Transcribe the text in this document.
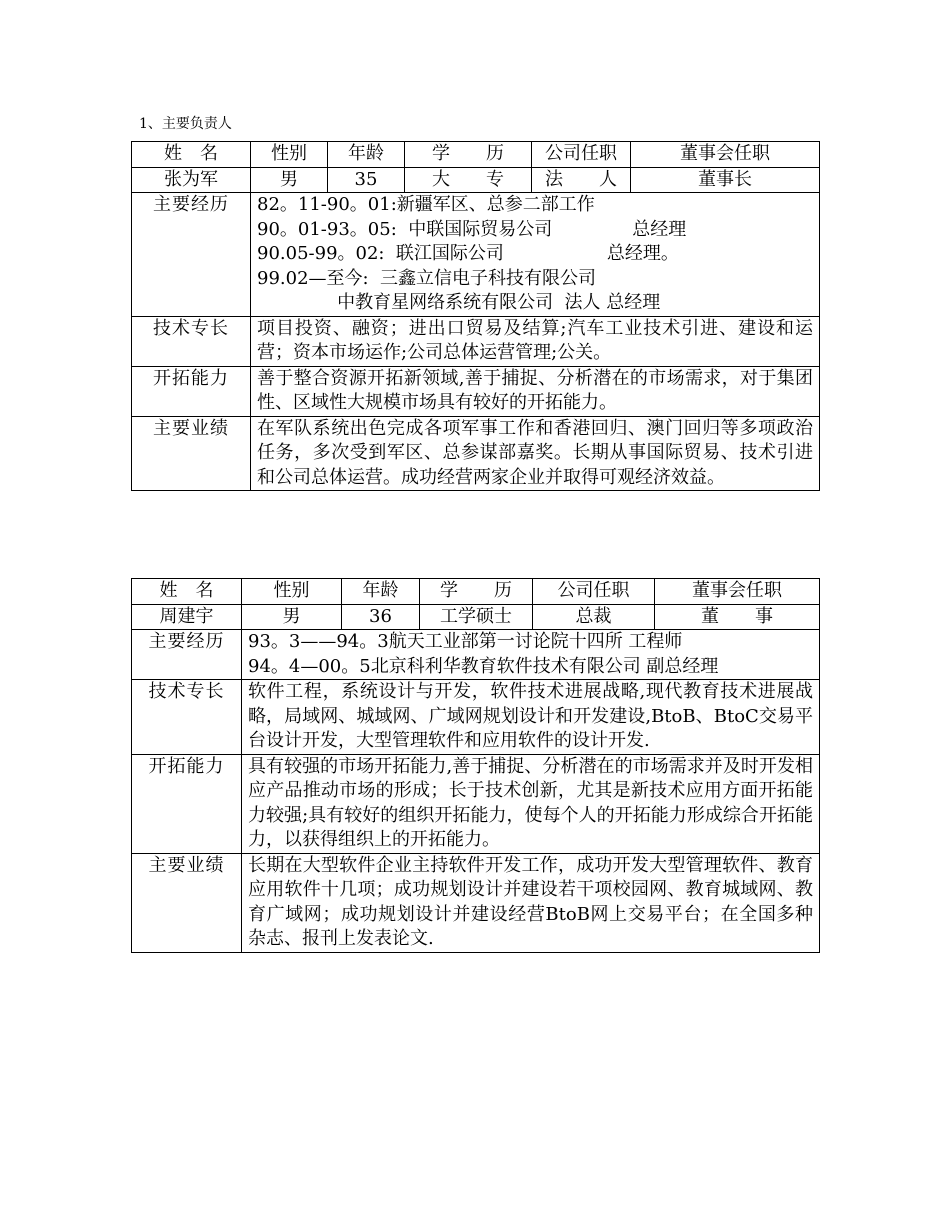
1、主要负责人
姓　名	性别	年龄	学　　历	公司任职	董事会任职
张为军	男	35	大　　专	法　　人	董事长
主要经历	82。11-90。01:新疆军区、总参二部工作
90。01-93。05:  中联国际贸易公司              总经理
90.05-99。02:  联江国际公司                  总经理。
99.02—至今:  三鑫立信电子科技有限公司
中教育星网络系统有限公司  法人 总经理				

技术专长	项目投资、融资；进出口贸易及结算;汽车工业技术引进、建设和运营；资本市场运作;公司总体运营管理;公关。				

开拓能力	善于整合资源开拓新领域,善于捕捉、分析潜在的市场需求，对于集团性、区域性大规模市场具有较好的开拓能力。				

主要业绩	在军队系统出色完成各项军事工作和香港回归、澳门回归等多项政治任务，多次受到军区、总参谋部嘉奖。长期从事国际贸易、技术引进和公司总体运营。成功经营两家企业并取得可观经济效益。				
姓　名	性别	年龄	学　　历	公司任职	董事会任职
周建宇	男	36	工学硕士	总裁	董　　事
主要经历	93。3——94。3航天工业部第一讨论院十四所 工程师
94。4—00。5北京科利华教育软件技术有限公司 副总经理				

技术专长	软件工程，系统设计与开发，软件技术进展战略,现代教育技术进展战略，局域网、城域网、广域网规划设计和开发建设,BtoB、BtoC交易平台设计开发，大型管理软件和应用软件的设计开发.				

开拓能力	具有较强的市场开拓能力,善于捕捉、分析潜在的市场需求并及时开发相应产品推动市场的形成；长于技术创新，尤其是新技术应用方面开拓能力较强;具有较好的组织开拓能力，使每个人的开拓能力形成综合开拓能力，以获得组织上的开拓能力。				

主要业绩	长期在大型软件企业主持软件开发工作，成功开发大型管理软件、教育应用软件十几项；成功规划设计并建设若干项校园网、教育城域网、教育广域网；成功规划设计并建设经营BtoB网上交易平台；在全国多种杂志、报刊上发表论文.				
